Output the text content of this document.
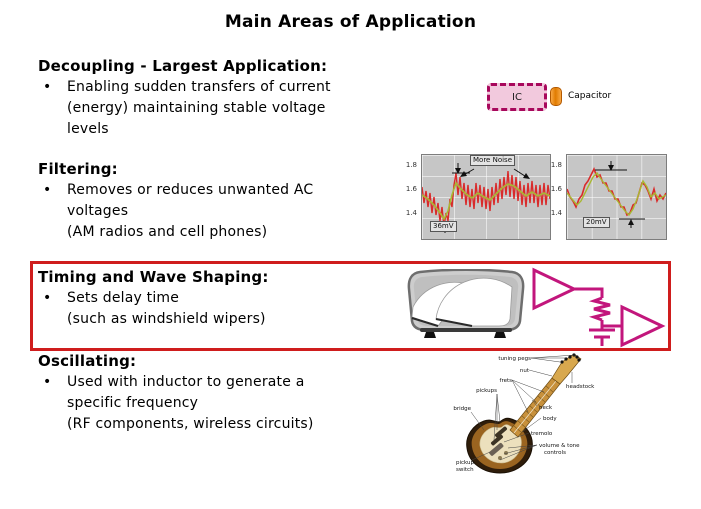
Main Areas of Application
Decoupling - Largest Application:
•	Enabling sudden transfers of current
(energy) maintaining stable voltage
levels
IC	Capacitor
Filtering:
•	Removes or reduces unwanted AC
voltages
(AM radios and cell phones)
1.8
1.6
1.4
More Noise
36mV
1.8
1.6
1.4
20mV
Timing and Wave Shaping:
•	Sets delay time
(such as windshield wipers)
Oscillating:
•	Used with inductor to generate a
specific frequency
(RF components, wireless circuits)
tuning pegs
nut
frets
headstock
pickups
neck
bridge
body
tremolo
volume & tone
controls
pickup
switch
